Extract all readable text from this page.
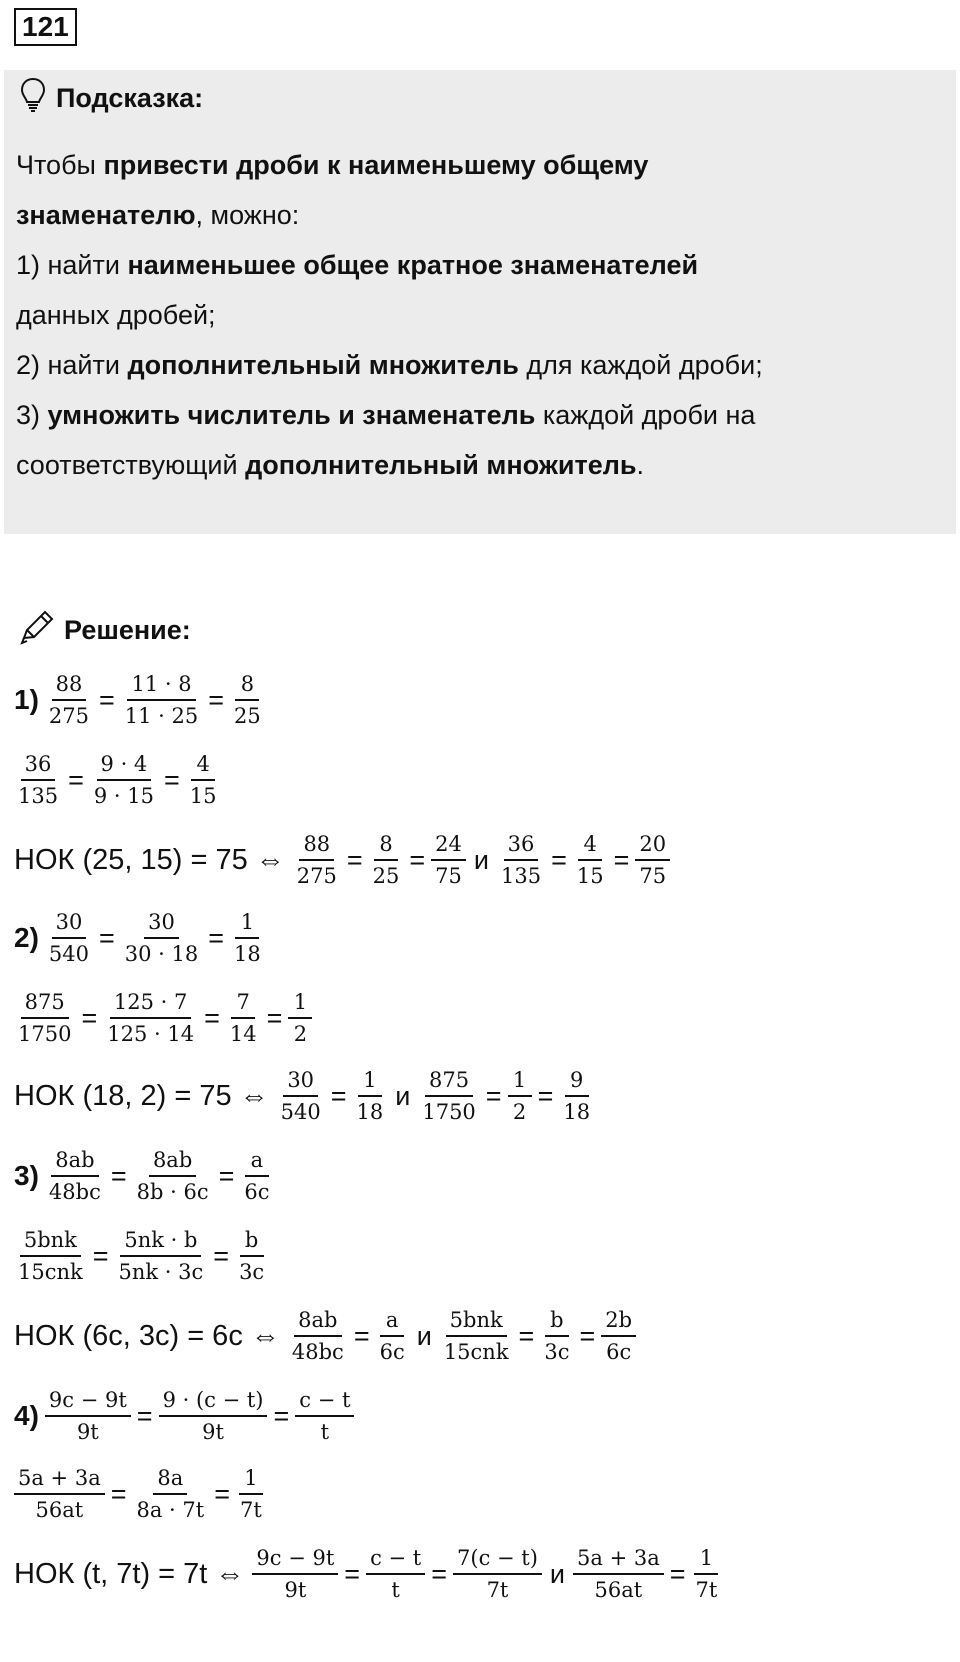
121
Подсказка:
Чтобы привести дроби к наименьшему общему
знаменателю, можно:
1) найти наименьшее общее кратное знаменателей
данных дробей;
2) найти дополнительный множитель для каждой дроби;
3) умножить числитель и знаменатель каждой дроби на
соответствующий дополнительный множитель.
Решение:
$1) \frac{88}{275} = \frac{11 \cdot 8}{11 \cdot 25} = \frac{8}{25}$
$\frac{36}{135} = \frac{9 \cdot 4}{9 \cdot 15} = \frac{4}{15}$
НОК (25, 15) = 75 ⇔ $\frac{88}{275} = \frac{8}{25} = \frac{24}{75}$ и $\frac{36}{135} = \frac{4}{15} = \frac{20}{75}$
$2) \frac{30}{540} = \frac{30}{30 \cdot 18} = \frac{1}{18}$
$\frac{875}{1750} = \frac{125 \cdot 7}{125 \cdot 14} = \frac{7}{14} = \frac{1}{2}$
НОК (18, 2) = 75 ⇔ $\frac{30}{540} = \frac{1}{18}$ и $\frac{875}{1750} = \frac{1}{2} = \frac{9}{18}$
$3) \frac{8ab}{48bc} = \frac{8ab}{8b \cdot 6c} = \frac{a}{6c}$
$\frac{\text{5bnk}}{\text{15cnk}} = \frac{5nk \cdot b}{5nk \cdot 3c} = \frac{b}{3c}$
НОК (6c, 3c) = 6c ⇔ $\frac{8ab}{48bc} = \frac{a}{6c}$ и $\frac{\text{5bnk}}{\text{15cnk}} = \frac{b}{3c} = \frac{2b}{6c}$
$4) \frac{9c - 9t}{9t} = \frac{9 \cdot (c - t)}{9t} = \frac{c - t}{t}$
$\frac{5a + 3a}{56at} = \frac{8a}{8a \cdot 7t} = \frac{1}{7t}$
НОК (t, 7t) = 7t ⇔ $\frac{9c - 9t}{9t} = \frac{c - t}{t} = \frac{7(c - t)}{7t}$ и $\frac{5a + 3a}{56at} = \frac{1}{7t}$
